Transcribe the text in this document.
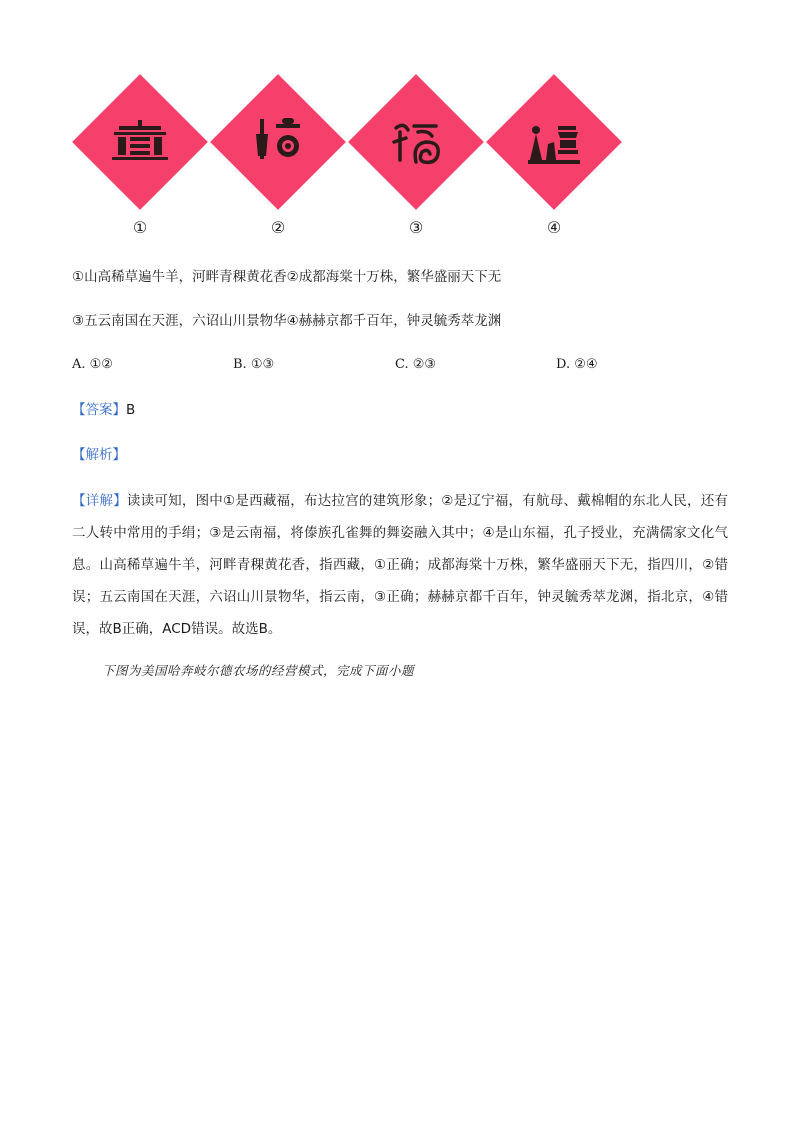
①	②	③	④
①山高稀草遍牛羊，河畔青稞黄花香②成都海棠十万株，繁华盛丽天下无
③五云南国在天涯，六诏山川景物华④赫赫京都千百年，钟灵毓秀萃龙渊
A. ①②	B. ①③	C. ②③	D. ②④
【答案】B
【解析】
【详解】读读可知，图中①是西藏福，布达拉宫的建筑形象；②是辽宁福，有航母、戴棉帽的东北人民，还有二人转中常用的手绢；③是云南福，将傣族孔雀舞的舞姿融入其中；④是山东福，孔子授业，充满儒家文化气息。山高稀草遍牛羊，河畔青稞黄花香，指西藏，①正确；成都海棠十万株，繁华盛丽天下无，指四川，②错误；五云南国在天涯，六诏山川景物华，指云南，③正确；赫赫京都千百年，钟灵毓秀萃龙渊，指北京，④错误，故B正确，ACD错误。故选B。
下图为美国哈奔岐尔德农场的经营模式，完成下面小题
